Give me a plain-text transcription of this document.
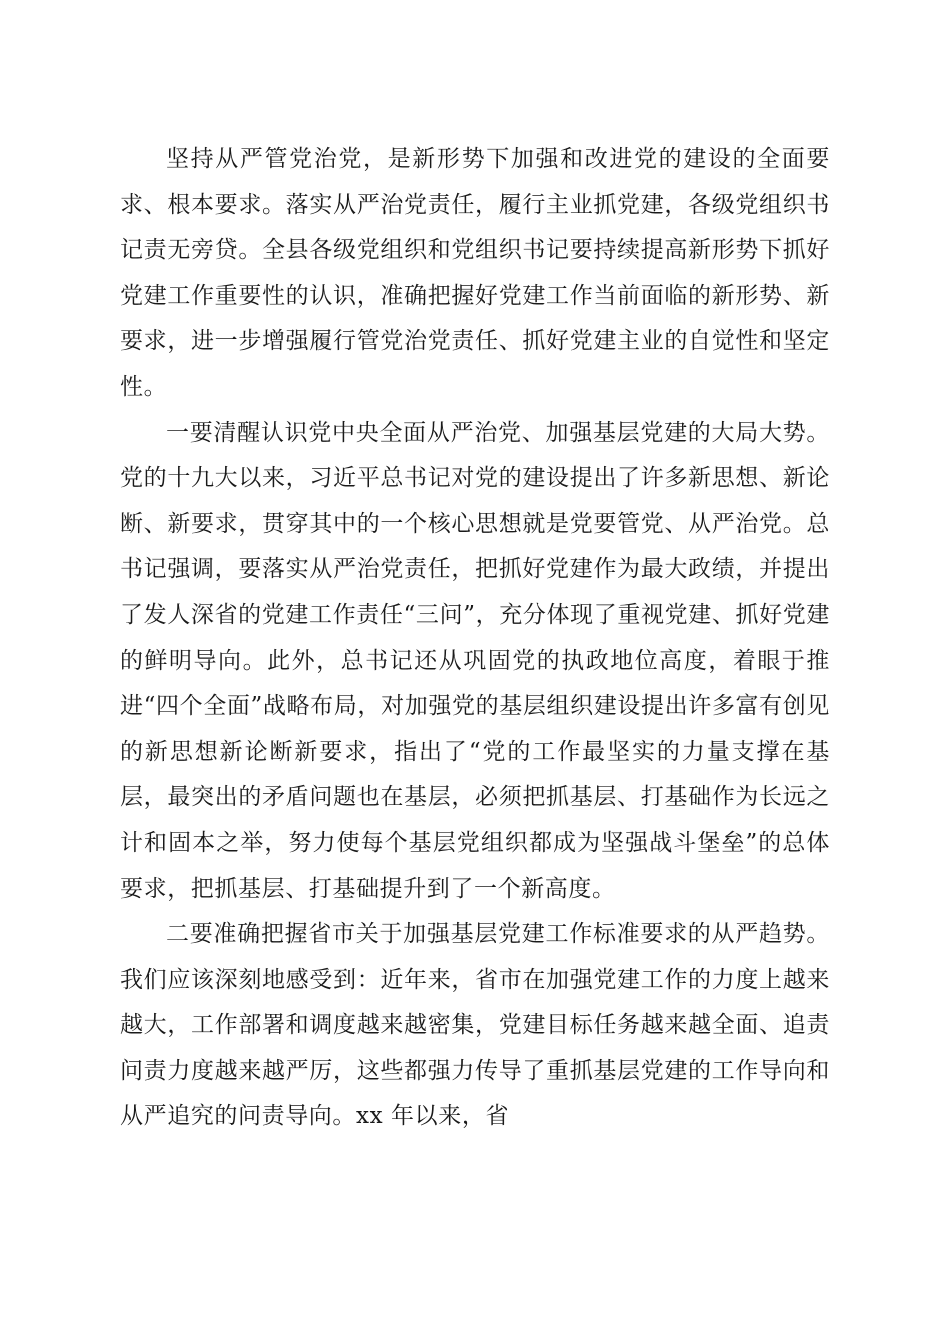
坚持从严管党治党，是新形势下加强和改进党的建设的全面要求、根本要求。落实从严治党责任，履行主业抓党建，各级党组织书记责无旁贷。全县各级党组织和党组织书记要持续提高新形势下抓好党建工作重要性的认识，准确把握好党建工作当前面临的新形势、新要求，进一步增强履行管党治党责任、抓好党建主业的自觉性和坚定性。

一要清醒认识党中央全面从严治党、加强基层党建的大局大势。党的十九大以来，习近平总书记对党的建设提出了许多新思想、新论断、新要求，贯穿其中的一个核心思想就是党要管党、从严治党。总书记强调，要落实从严治党责任，把抓好党建作为最大政绩，并提出了发人深省的党建工作责任“三问”，充分体现了重视党建、抓好党建的鲜明导向。此外，总书记还从巩固党的执政地位高度，着眼于推进“四个全面”战略布局，对加强党的基层组织建设提出许多富有创见的新思想新论断新要求，指出了“党的工作最坚实的力量支撑在基层，最突出的矛盾问题也在基层，必须把抓基层、打基础作为长远之计和固本之举，努力使每个基层党组织都成为坚强战斗堡垒”的总体要求，把抓基层、打基础提升到了一个新高度。

二要准确把握省市关于加强基层党建工作标准要求的从严趋势。我们应该深刻地感受到：近年来，省市在加强党建工作的力度上越来越大，工作部署和调度越来越密集，党建目标任务越来越全面、追责问责力度越来越严厉，这些都强力传导了重抓基层党建的工作导向和从严追究的问责导向。xx 年以来，省
